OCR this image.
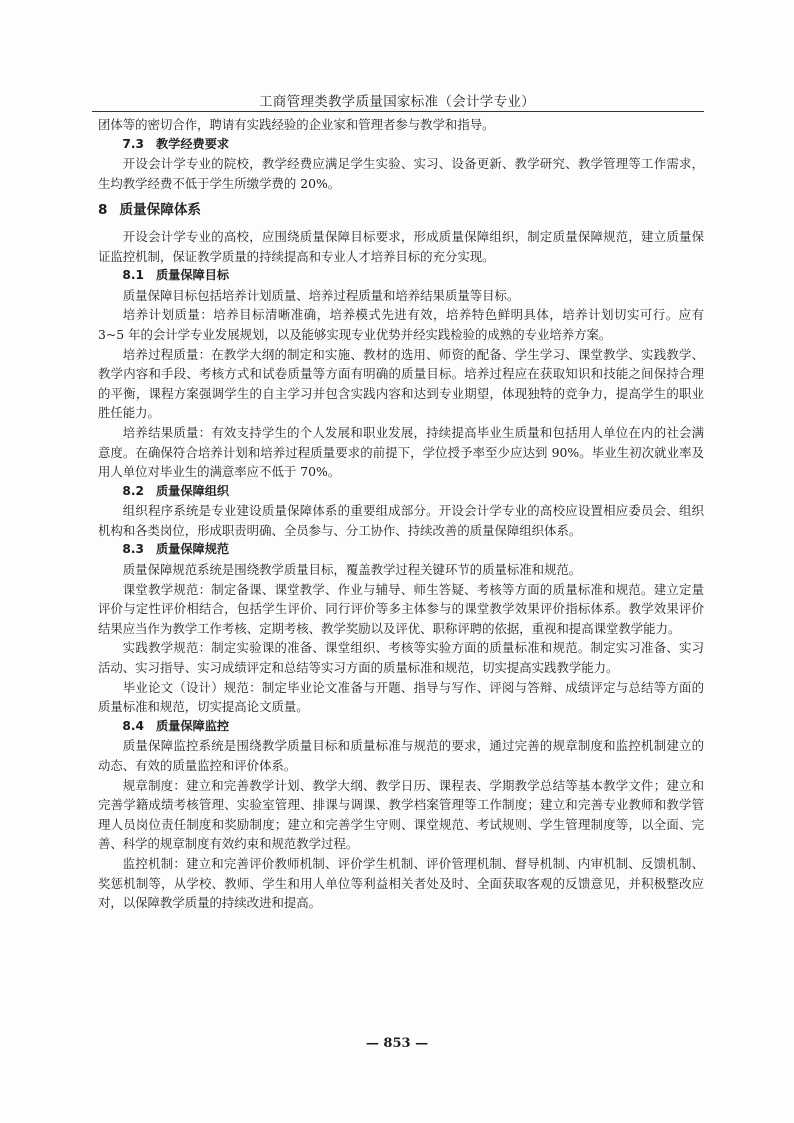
工商管理类教学质量国家标准（会计学专业）

团体等的密切合作，聘请有实践经验的企业家和管理者参与教学和指导。

7.3 教学经费要求

开设会计学专业的院校，教学经费应满足学生实验、实习、设备更新、教学研究、教学管理等工作需求，生均教学经费不低于学生所缴学费的 20%。

8 质量保障体系

开设会计学专业的高校，应围绕质量保障目标要求，形成质量保障组织，制定质量保障规范，建立质量保证监控机制，保证教学质量的持续提高和专业人才培养目标的充分实现。

8.1 质量保障目标

质量保障目标包括培养计划质量、培养过程质量和培养结果质量等目标。

培养计划质量：培养目标清晰准确，培养模式先进有效，培养特色鲜明具体，培养计划切实可行。应有 3~5 年的会计学专业发展规划，以及能够实现专业优势并经实践检验的成熟的专业培养方案。

培养过程质量：在教学大纲的制定和实施、教材的选用、师资的配备、学生学习、课堂教学、实践教学、教学内容和手段、考核方式和试卷质量等方面有明确的质量目标。培养过程应在获取知识和技能之间保持合理的平衡，课程方案强调学生的自主学习并包含实践内容和达到专业期望，体现独特的竞争力，提高学生的职业胜任能力。

培养结果质量：有效支持学生的个人发展和职业发展，持续提高毕业生质量和包括用人单位在内的社会满意度。在确保符合培养计划和培养过程质量要求的前提下，学位授予率至少应达到 90%。毕业生初次就业率及用人单位对毕业生的满意率应不低于 70%。

8.2 质量保障组织

组织程序系统是专业建设质量保障体系的重要组成部分。开设会计学专业的高校应设置相应委员会、组织机构和各类岗位，形成职责明确、全员参与、分工协作、持续改善的质量保障组织体系。

8.3 质量保障规范

质量保障规范系统是围绕教学质量目标，覆盖教学过程关键环节的质量标准和规范。

课堂教学规范：制定备课、课堂教学、作业与辅导、师生答疑、考核等方面的质量标准和规范。建立定量评价与定性评价相结合，包括学生评价、同行评价等多主体参与的课堂教学效果评价指标体系。教学效果评价结果应当作为教学工作考核、定期考核、教学奖励以及评优、职称评聘的依据，重视和提高课堂教学能力。

实践教学规范：制定实验课的准备、课堂组织、考核等实验方面的质量标准和规范。制定实习准备、实习活动、实习指导、实习成绩评定和总结等实习方面的质量标准和规范，切实提高实践教学能力。

毕业论文（设计）规范：制定毕业论文准备与开题、指导与写作、评阅与答辩、成绩评定与总结等方面的质量标准和规范，切实提高论文质量。

8.4 质量保障监控

质量保障监控系统是围绕教学质量目标和质量标准与规范的要求，通过完善的规章制度和监控机制建立的动态、有效的质量监控和评价体系。

规章制度：建立和完善教学计划、教学大纲、教学日历、课程表、学期教学总结等基本教学文件；建立和完善学籍成绩考核管理、实验室管理、排课与调课、教学档案管理等工作制度；建立和完善专业教师和教学管理人员岗位责任制度和奖励制度；建立和完善学生守则、课堂规范、考试规则、学生管理制度等，以全面、完善、科学的规章制度有效约束和规范教学过程。

监控机制：建立和完善评价教师机制、评价学生机制、评价管理机制、督导机制、内审机制、反馈机制、奖惩机制等，从学校、教师、学生和用人单位等利益相关者处及时、全面获取客观的反馈意见，并积极整改应对，以保障教学质量的持续改进和提高。

— 853 —
